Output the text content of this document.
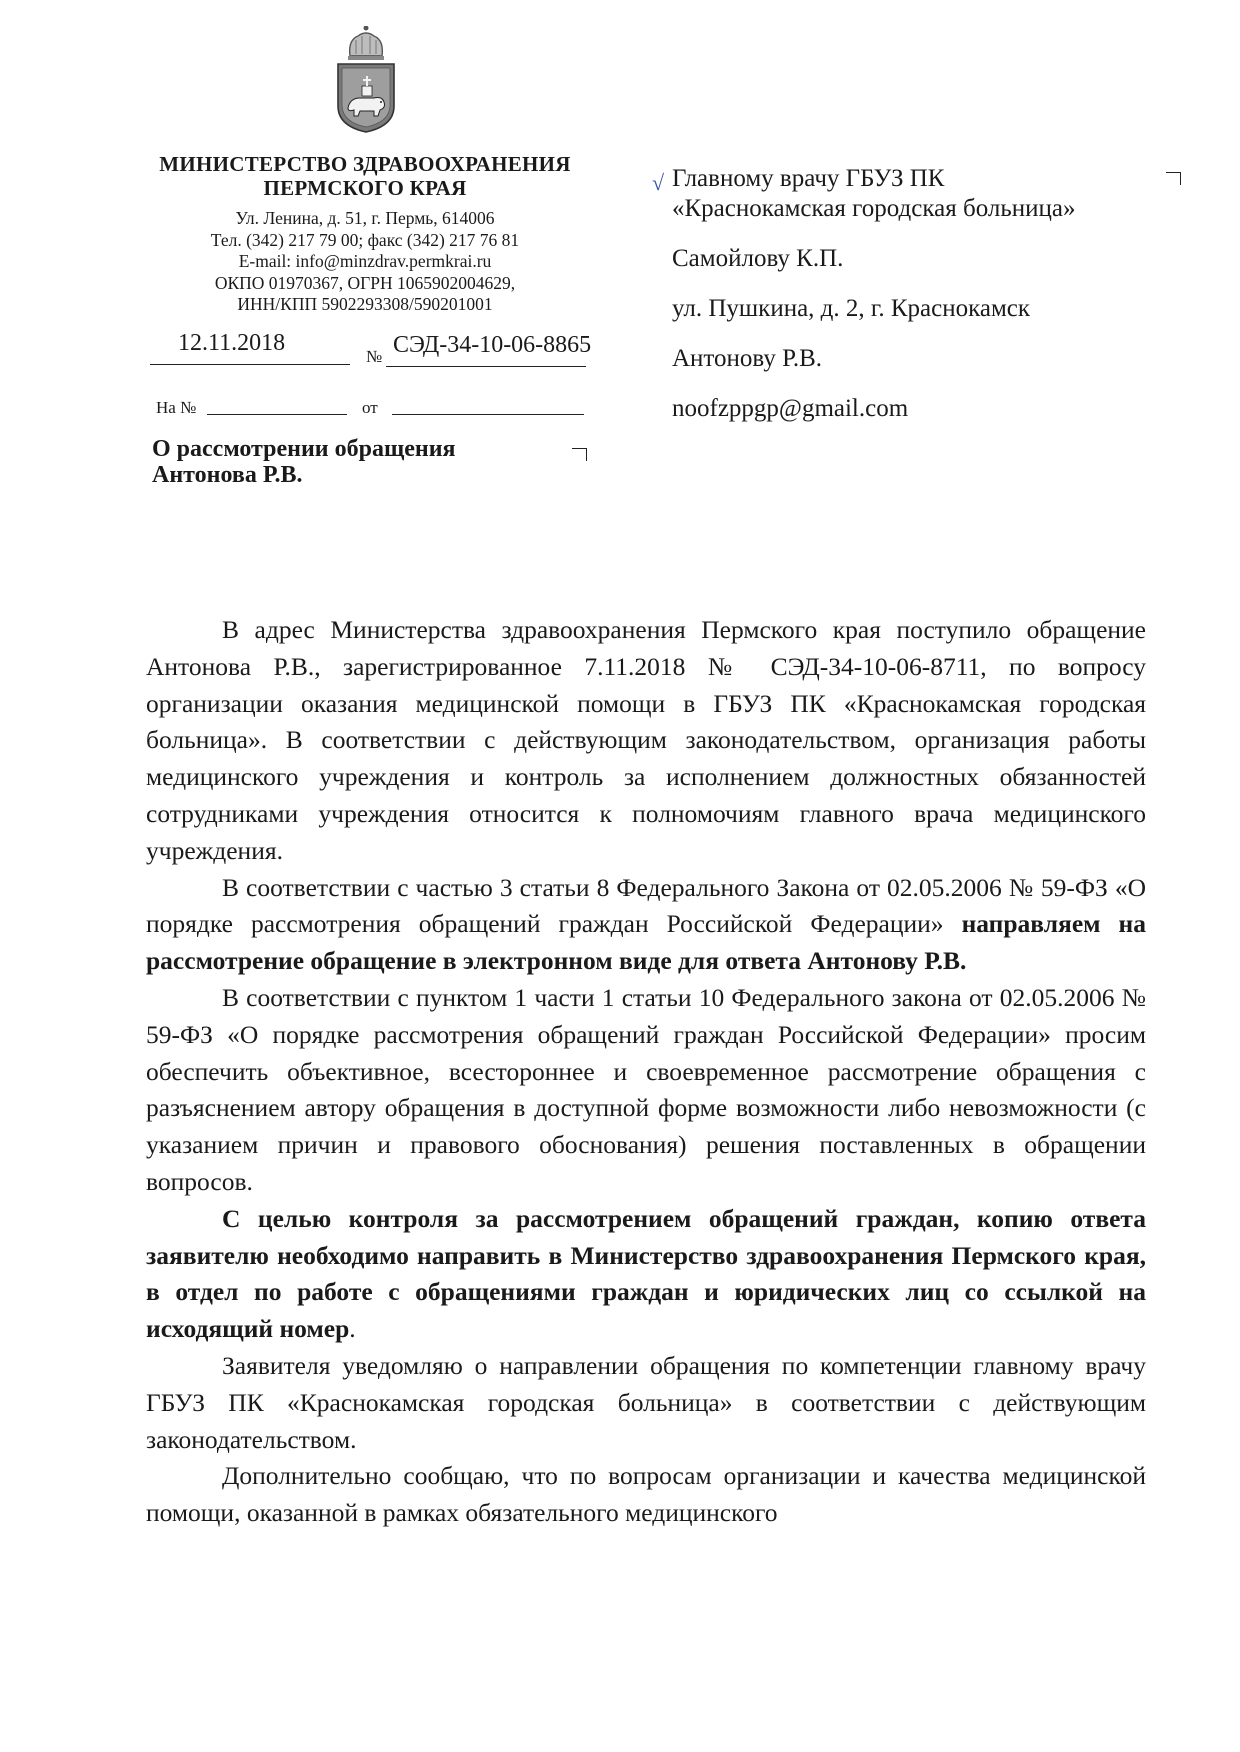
МИНИСТЕРСТВО ЗДРАВООХРАНЕНИЯ
ПЕРМСКОГО КРАЯ
Ул. Ленина, д. 51, г. Пермь, 614006
Тел. (342) 217 79 00; факс (342) 217 76 81
E-mail: info@minzdrav.permkrai.ru
ОКПО 01970367, ОГРН 1065902004629,
ИНН/КПП 5902293308/590201001
12.11.2018
№ СЭД-34-10-06-8865
На №	от
О рассмотрении обращения
Антонова Р.В.
√ Главному врачу ГБУЗ ПК
«Краснокамская городская больница»
Самойлову К.П.
ул. Пушкина, д. 2, г. Краснокамск
Антонову Р.В.
noofzppgp@gmail.com

В адрес Министерства здравоохранения Пермского края поступило обращение Антонова Р.В., зарегистрированное 7.11.2018 № СЭД-34-10-06-8711, по вопросу организации оказания медицинской помощи в ГБУЗ ПК «Краснокамская городская больница». В соответствии с действующим законодательством, организация работы медицинского учреждения и контроль за исполнением должностных обязанностей сотрудниками учреждения относится к полномочиям главного врача медицинского учреждения.

В соответствии с частью 3 статьи 8 Федерального Закона от 02.05.2006 № 59-ФЗ «О порядке рассмотрения обращений граждан Российской Федерации» направляем на рассмотрение обращение в электронном виде для ответа Антонову Р.В.

В соответствии с пунктом 1 части 1 статьи 10 Федерального закона от 02.05.2006 № 59-ФЗ «О порядке рассмотрения обращений граждан Российской Федерации» просим обеспечить объективное, всестороннее и своевременное рассмотрение обращения с разъяснением автору обращения в доступной форме возможности либо невозможности (с указанием причин и правового обоснования) решения поставленных в обращении вопросов.

С целью контроля за рассмотрением обращений граждан, копию ответа заявителю необходимо направить в Министерство здравоохранения Пермского края, в отдел по работе с обращениями граждан и юридических лиц со ссылкой на исходящий номер.

Заявителя уведомляю о направлении обращения по компетенции главному врачу ГБУЗ ПК «Краснокамская городская больница» в соответствии с действующим законодательством.

Дополнительно сообщаю, что по вопросам организации и качества медицинской помощи, оказанной в рамках обязательного медицинского
